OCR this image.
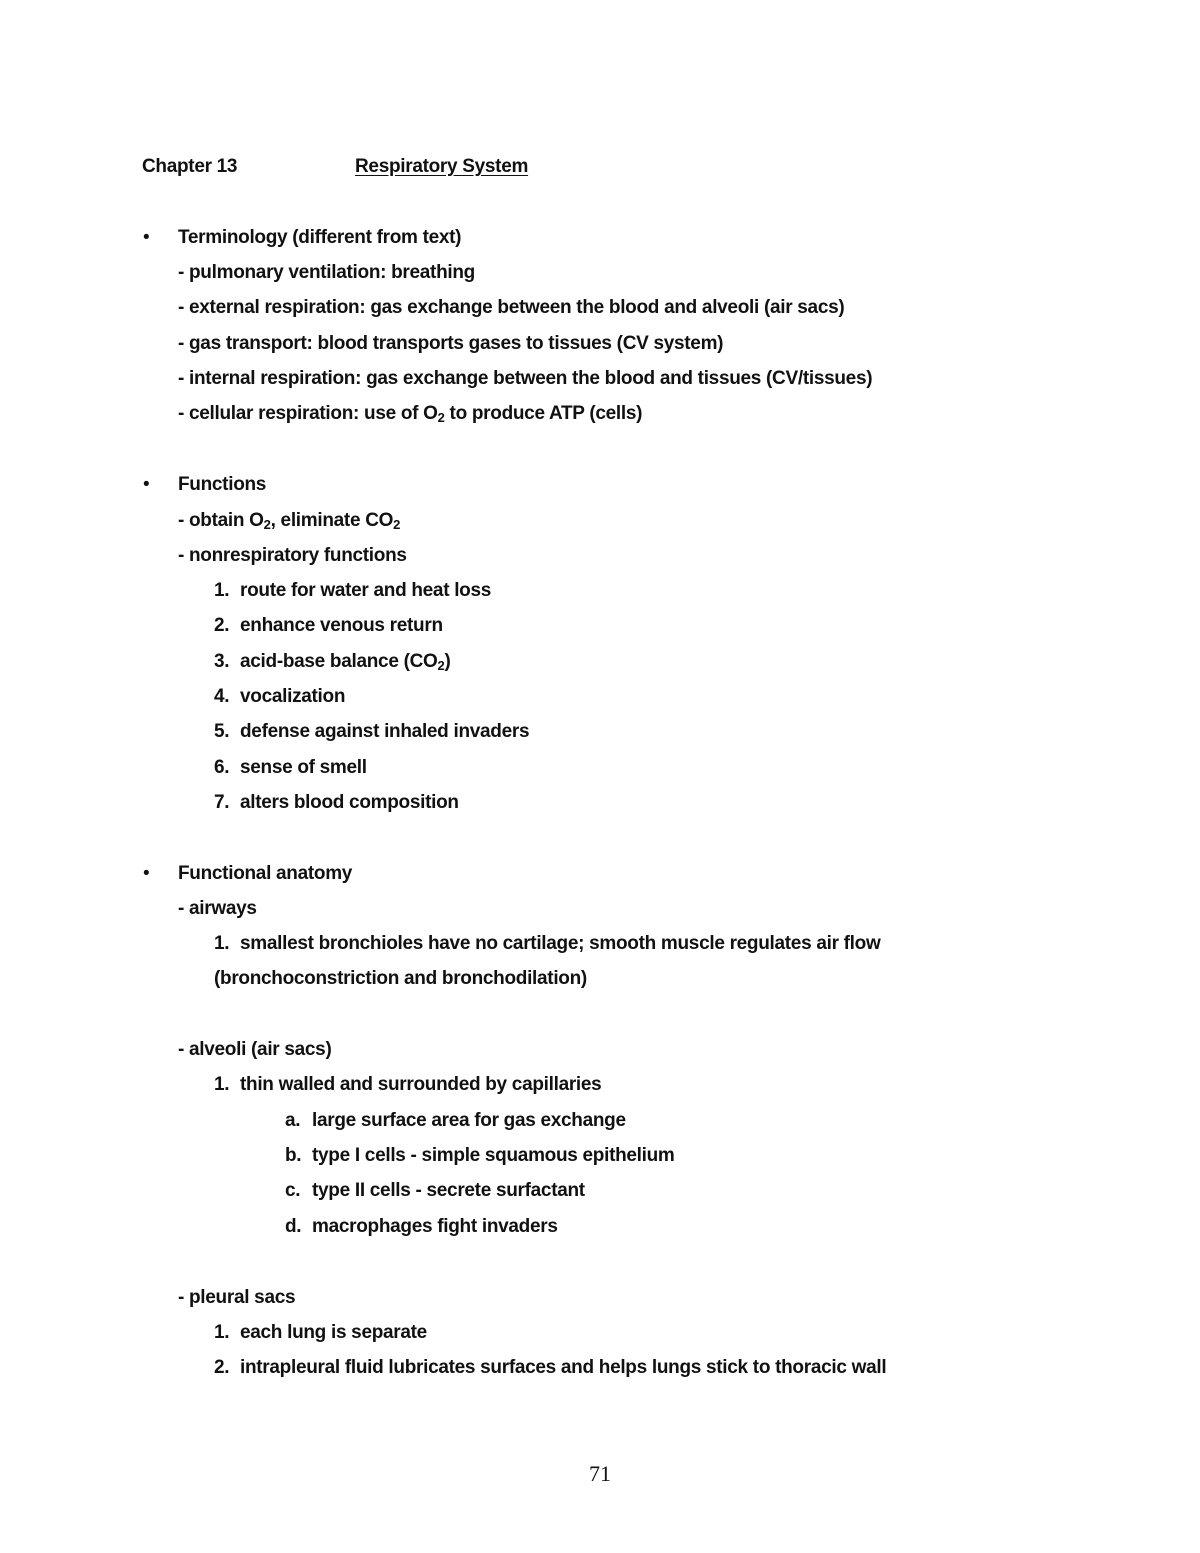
Chapter 13	Respiratory System
• Terminology (different from text)
- pulmonary ventilation: breathing
- external respiration: gas exchange between the blood and alveoli (air sacs)
- gas transport: blood transports gases to tissues (CV system)
- internal respiration: gas exchange between the blood and tissues (CV/tissues)
- cellular respiration: use of $O_2$ to produce ATP (cells)
• Functions
- obtain $O_2$, eliminate $CO_2$
- nonrespiratory functions
1. route for water and heat loss
2. enhance venous return
3. acid-base balance $(CO_2)$
4. vocalization
5. defense against inhaled invaders
6. sense of smell
7. alters blood composition
• Functional anatomy
- airways
1. smallest bronchioles have no cartilage; smooth muscle regulates air flow
(bronchoconstriction and bronchodilation)
- alveoli (air sacs)
1. thin walled and surrounded by capillaries
a. large surface area for gas exchange
b. type I cells - simple squamous epithelium
c. type II cells - secrete surfactant
d. macrophages fight invaders
- pleural sacs
1. each lung is separate
2. intrapleural fluid lubricates surfaces and helps lungs stick to thoracic wall
71
